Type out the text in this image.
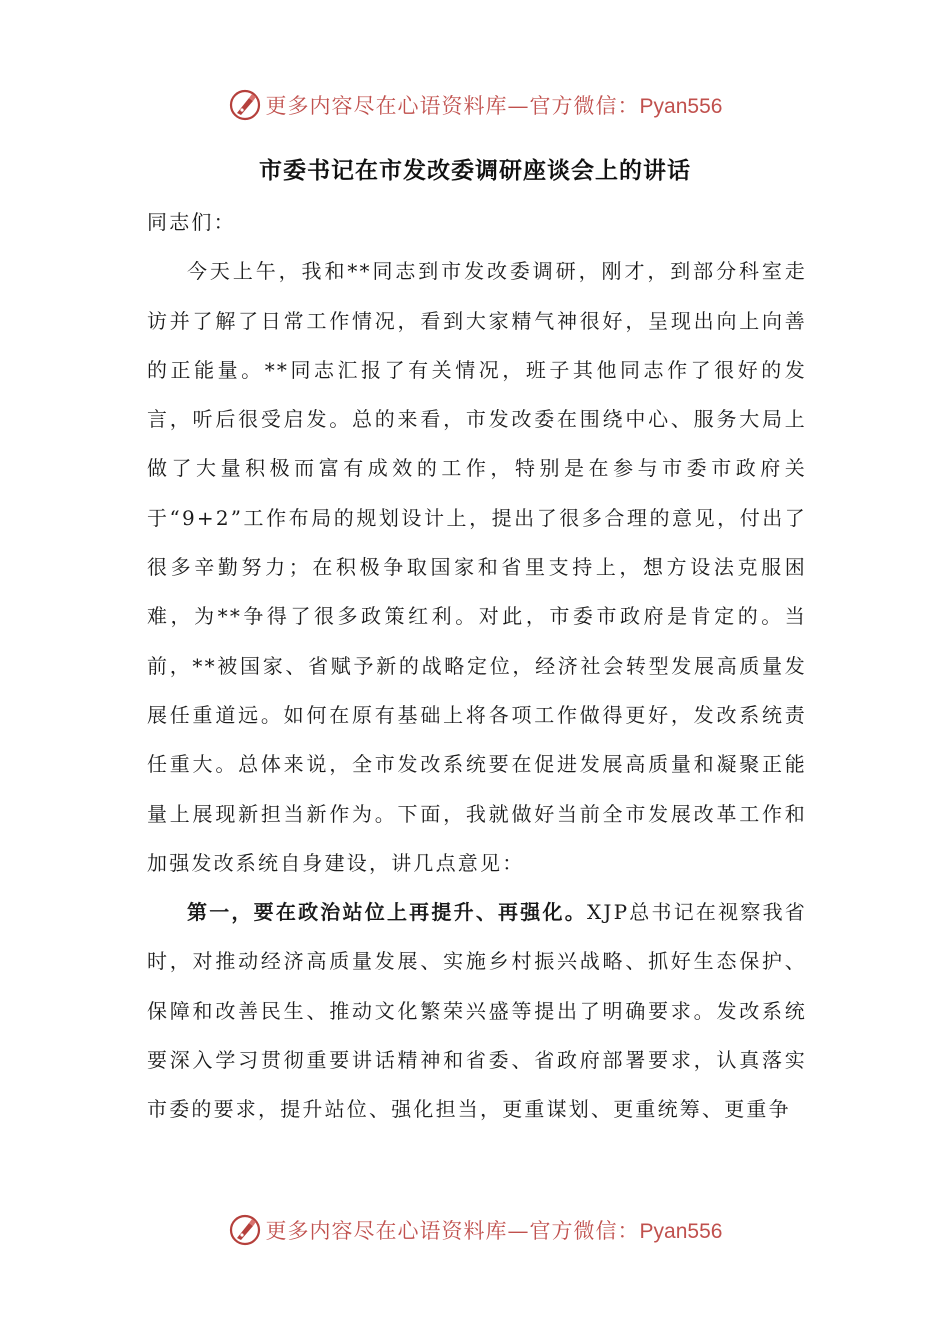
更多内容尽在心语资料库—官方微信：Pyan556
市委书记在市发改委调研座谈会上的讲话

同志们：

今天上午，我和**同志到市发改委调研，刚才，到部分科室走访并了解了日常工作情况，看到大家精气神很好，呈现出向上向善的正能量。**同志汇报了有关情况，班子其他同志作了很好的发言，听后很受启发。总的来看，市发改委在围绕中心、服务大局上做了大量积极而富有成效的工作，特别是在参与市委市政府关于“9+2”工作布局的规划设计上，提出了很多合理的意见，付出了很多辛勤努力；在积极争取国家和省里支持上，想方设法克服困难，为**争得了很多政策红利。对此，市委市政府是肯定的。当前，**被国家、省赋予新的战略定位，经济社会转型发展高质量发展任重道远。如何在原有基础上将各项工作做得更好，发改系统责任重大。总体来说，全市发改系统要在促进发展高质量和凝聚正能量上展现新担当新作为。下面，我就做好当前全市发展改革工作和加强发改系统自身建设，讲几点意见：

第一，要在政治站位上再提升、再强化。XJP总书记在视察我省时，对推动经济高质量发展、实施乡村振兴战略、抓好生态保护、保障和改善民生、推动文化繁荣兴盛等提出了明确要求。发改系统要深入学习贯彻重要讲话精神和省委、省政府部署要求，认真落实市委的要求，提升站位、强化担当，更重谋划、更重统筹、更重争

更多内容尽在心语资料库—官方微信：Pyan556
